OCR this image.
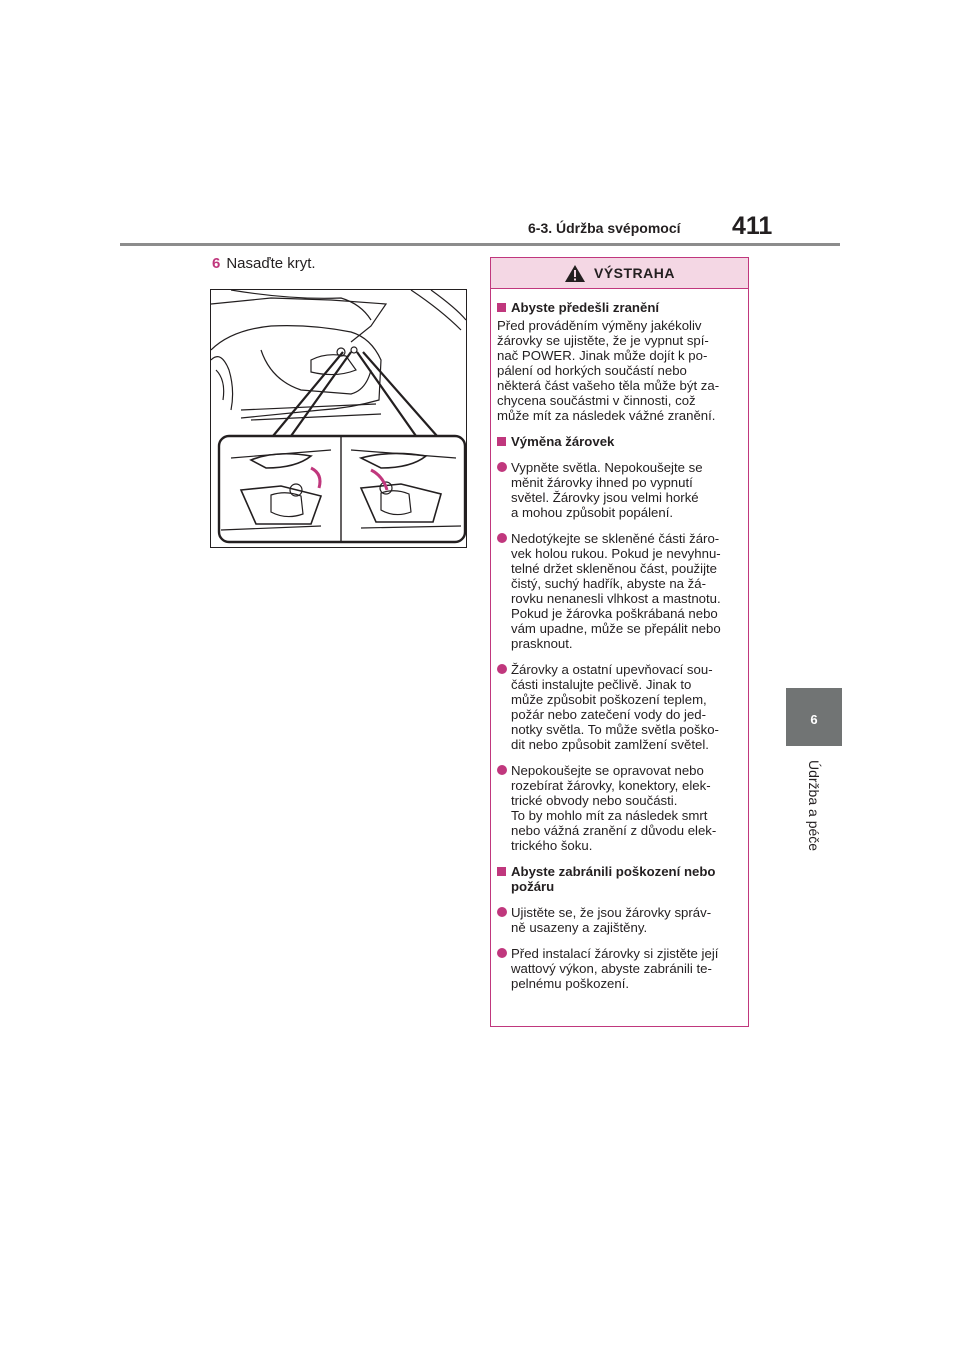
6-3. Údržba svépomocí 411
6
Údržba a péče
6 Nasaďte kryt.
VÝSTRAHA
Abyste předešli zranění
Před prováděním výměny jakékoliv
žárovky se ujistěte, že je vypnut spí-
nač POWER. Jinak může dojít k po-
pálení od horkých součástí nebo
některá část vašeho těla může být za-
chycena součástmi v činnosti, což
může mít za následek vážné zranění.
Výměna žárovek
Vypněte světla. Nepokoušejte se
měnit žárovky ihned po vypnutí
světel. Žárovky jsou velmi horké
a mohou způsobit popálení.
Nedotýkejte se skleněné části žáro-
vek holou rukou. Pokud je nevyhnu-
telné držet skleněnou část, použijte
čistý, suchý hadřík, abyste na žá-
rovku nenanesli vlhkost a mastnotu.
Pokud je žárovka poškrábaná nebo
vám upadne, může se přepálit nebo
prasknout.
Žárovky a ostatní upevňovací sou-
části instalujte pečlivě. Jinak to
může způsobit poškození teplem,
požár nebo zatečení vody do jed-
notky světla. To může světla poško-
dit nebo způsobit zamlžení světel.
Nepokoušejte se opravovat nebo
rozebírat žárovky, konektory, elek-
trické obvody nebo součásti.
To by mohlo mít za následek smrt
nebo vážná zranění z důvodu elek-
trického šoku.
Abyste zabránili poškození nebo požáru
Ujistěte se, že jsou žárovky správ-
ně usazeny a zajištěny.
Před instalací žárovky si zjistěte její
wattový výkon, abyste zabránili te-
pelnému poškození.
